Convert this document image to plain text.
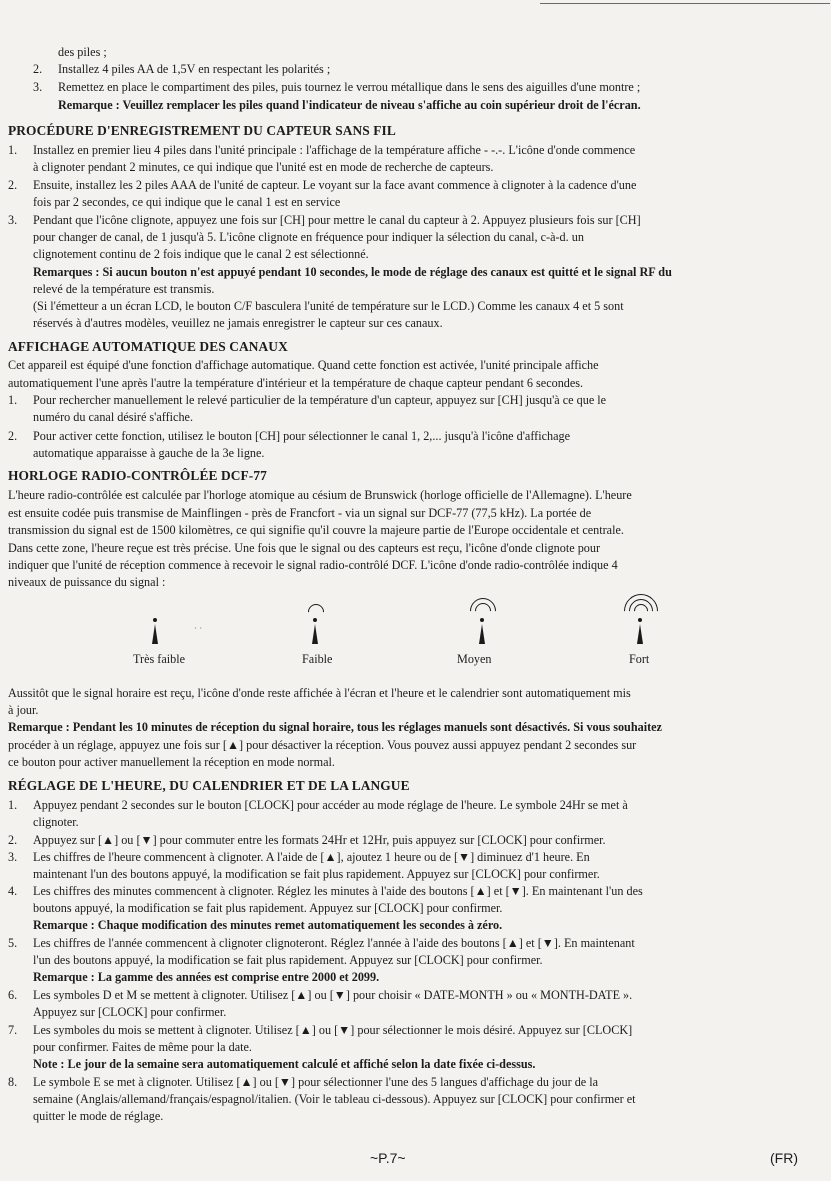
des piles ;
2. Installez 4 piles AA de 1,5V en respectant les polarités ;
3. Remettez en place le compartiment des piles, puis tournez le verrou métallique dans le sens des aiguilles d'une montre ;
Remarque : Veuillez remplacer les piles quand l'indicateur de niveau s'affiche au coin supérieur droit de l'écran.
PROCÉDURE D'ENREGISTREMENT DU CAPTEUR SANS FIL
1. Installez en premier lieu 4 piles dans l'unité principale : l'affichage de la température affiche - -.-. L'icône d'onde commence
à clignoter pendant 2 minutes, ce qui indique que l'unité est en mode de recherche de capteurs.
2. Ensuite, installez les 2 piles AAA de l'unité de capteur. Le voyant sur la face avant commence à clignoter à la cadence d'une
fois par 2 secondes, ce qui indique que le canal 1 est en service
3. Pendant que l'icône clignote, appuyez une fois sur [CH] pour mettre le canal du capteur à 2. Appuyez plusieurs fois sur [CH]
pour changer de canal, de 1 jusqu'à 5. L'icône clignote en fréquence pour indiquer la sélection du canal, c-à-d. un
clignotement continu de 2 fois indique que le canal 2 est sélectionné.
Remarques : Si aucun bouton n'est appuyé pendant 10 secondes, le mode de réglage des canaux est quitté et le signal RF du
relevé de la température est transmis.
(Si l'émetteur a un écran LCD, le bouton C/F basculera l'unité de température sur le LCD.) Comme les canaux 4 et 5 sont
réservés à d'autres modèles, veuillez ne jamais enregistrer le capteur sur ces canaux.
AFFICHAGE AUTOMATIQUE DES CANAUX
Cet appareil est équipé d'une fonction d'affichage automatique. Quand cette fonction est activée, l'unité principale affiche
automatiquement l'une après l'autre la température d'intérieur et la température de chaque capteur pendant 6 secondes.
1. Pour rechercher manuellement le relevé particulier de la température d'un capteur, appuyez sur [CH] jusqu'à ce que le
numéro du canal désiré s'affiche.
2. Pour activer cette fonction, utilisez le bouton [CH] pour sélectionner le canal 1, 2,... jusqu'à l'icône d'affichage
automatique apparaisse à gauche de la 3e ligne.
HORLOGE RADIO-CONTRÔLÉE DCF-77
L'heure radio-contrôlée est calculée par l'horloge atomique au césium de Brunswick (horloge officielle de l'Allemagne). L'heure
est ensuite codée puis transmise de Mainflingen - près de Francfort - via un signal sur DCF-77 (77,5 kHz). La portée de
transmission du signal est de 1500 kilomètres, ce qui signifie qu'il couvre la majeure partie de l'Europe occidentale et centrale.
Dans cette zone, l'heure reçue est très précise. Une fois que le signal ou des capteurs est reçu, l'icône d'onde clignote pour
indiquer que l'unité de réception commence à recevoir le signal radio-contrôlé DCF. L'icône d'onde radio-contrôlée indique 4
niveaux de puissance du signal :
· ·
Très faible	Faible	Moyen	Fort
Aussitôt que le signal horaire est reçu, l'icône d'onde reste affichée à l'écran et l'heure et le calendrier sont automatiquement mis
à jour.
Remarque : Pendant les 10 minutes de réception du signal horaire, tous les réglages manuels sont désactivés. Si vous souhaitez
procéder à un réglage, appuyez une fois sur [▲] pour désactiver la réception. Vous pouvez aussi appuyez pendant 2 secondes sur
ce bouton pour activer manuellement la réception en mode normal.
RÉGLAGE DE L'HEURE, DU CALENDRIER ET DE LA LANGUE
1. Appuyez pendant 2 secondes sur le bouton [CLOCK] pour accéder au mode réglage de l'heure. Le symbole 24Hr se met à
clignoter.
2. Appuyez sur [▲] ou [▼] pour commuter entre les formats 24Hr et 12Hr, puis appuyez sur [CLOCK] pour confirmer.
3. Les chiffres de l'heure commencent à clignoter. A l'aide de [▲], ajoutez 1 heure ou de [▼] diminuez d'1 heure. En
maintenant l'un des boutons appuyé, la modification se fait plus rapidement. Appuyez sur [CLOCK] pour confirmer.
4. Les chiffres des minutes commencent à clignoter. Réglez les minutes à l'aide des boutons [▲] et [▼]. En maintenant l'un des
boutons appuyé, la modification se fait plus rapidement. Appuyez sur [CLOCK] pour confirmer.
Remarque : Chaque modification des minutes remet automatiquement les secondes à zéro.
5. Les chiffres de l'année commencent à clignoter clignoteront. Réglez l'année à l'aide des boutons [▲] et [▼]. En maintenant
l'un des boutons appuyé, la modification se fait plus rapidement. Appuyez sur [CLOCK] pour confirmer.
Remarque : La gamme des années est comprise entre 2000 et 2099.
6. Les symboles D et M se mettent à clignoter. Utilisez [▲] ou [▼] pour choisir « DATE-MONTH » ou « MONTH-DATE ».
Appuyez sur [CLOCK] pour confirmer.
7. Les symboles du mois se mettent à clignoter. Utilisez [▲] ou [▼] pour sélectionner le mois désiré. Appuyez sur [CLOCK]
pour confirmer. Faites de même pour la date.
Note : Le jour de la semaine sera automatiquement calculé et affiché selon la date fixée ci-dessus.
8. Le symbole E se met à clignoter. Utilisez [▲] ou [▼] pour sélectionner l'une des 5 langues d'affichage du jour de la
semaine (Anglais/allemand/français/espagnol/italien. (Voir le tableau ci-dessous). Appuyez sur [CLOCK] pour confirmer et
quitter le mode de réglage.
~P.7~	(FR)
